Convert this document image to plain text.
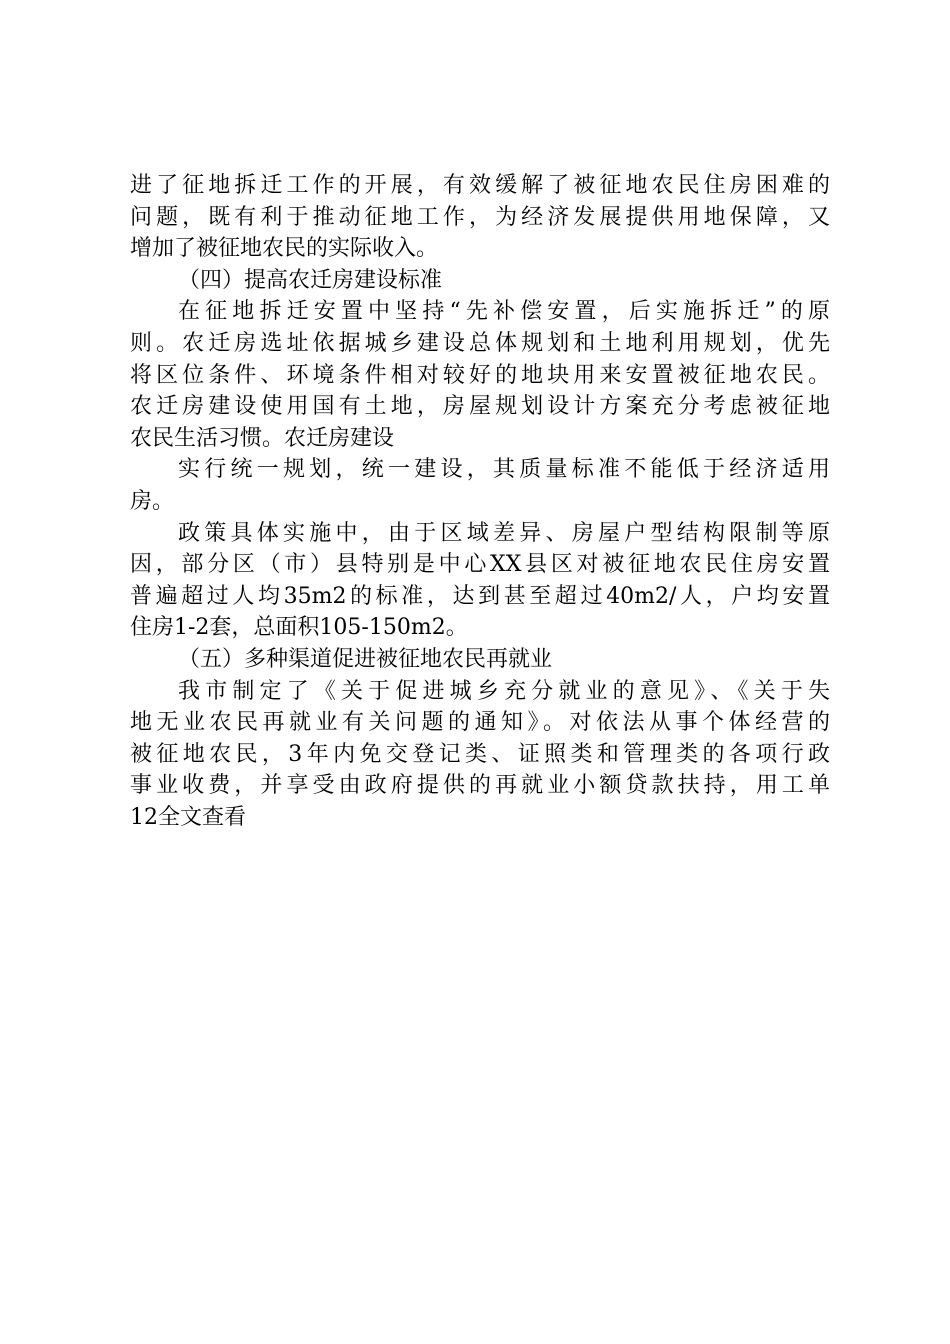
进了征地拆迁工作的开展，有效缓解了被征地农民住房困难的
问题，既有利于推动征地工作，为经济发展提供用地保障，又
增加了被征地农民的实际收入。
（四）提高农迁房建设标准
在征地拆迁安置中坚持“先补偿安置，后实施拆迁”的原
则。农迁房选址依据城乡建设总体规划和土地利用规划，优先
将区位条件、环境条件相对较好的地块用来安置被征地农民。
农迁房建设使用国有土地，房屋规划设计方案充分考虑被征地
农民生活习惯。农迁房建设
实行统一规划，统一建设，其质量标准不能低于经济适用
房。
政策具体实施中，由于区域差异、房屋户型结构限制等原
因，部分区（市）县特别是中心XX县区对被征地农民住房安置
普遍超过人均35m2的标准，达到甚至超过40m2/人，户均安置
住房1-2套，总面积105-150m2。
（五）多种渠道促进被征地农民再就业
我市制定了《关于促进城乡充分就业的意见》、《关于失
地无业农民再就业有关问题的通知》。对依法从事个体经营的
被征地农民，3年内免交登记类、证照类和管理类的各项行政
事业收费，并享受由政府提供的再就业小额贷款扶持，用工单
12全文查看
